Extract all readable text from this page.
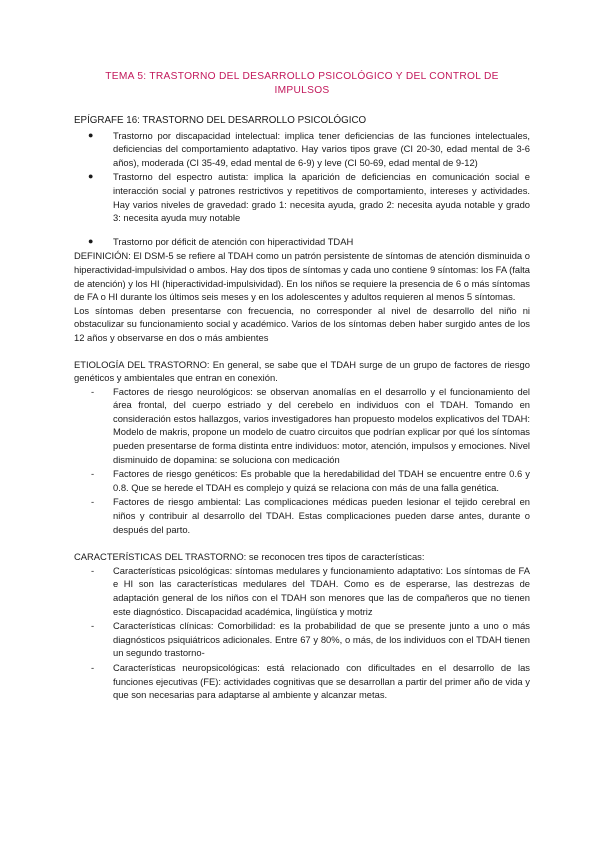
TEMA 5: TRASTORNO DEL DESARROLLO PSICOLÓGICO Y DEL CONTROL DE IMPULSOS
EPÍGRAFE 16: TRASTORNO DEL DESARROLLO PSICOLÓGICO
● Trastorno por discapacidad intelectual: implica tener deficiencias de las funciones intelectuales, deficiencias del comportamiento adaptativo. Hay varios tipos grave (CI 20-30, edad mental de 3-6 años), moderada (CI 35-49, edad mental de 6-9) y leve (CI 50-69, edad mental de 9-12)
● Trastorno del espectro autista: implica la aparición de deficiencias en comunicación social e interacción social y patrones restrictivos y repetitivos de comportamiento, intereses y actividades. Hay varios niveles de gravedad: grado 1: necesita ayuda, grado 2: necesita ayuda notable y grado 3: necesita ayuda muy notable
● Trastorno por déficit de atención con hiperactividad TDAH

DEFINICIÓN: El DSM-5 se refiere al TDAH como un patrón persistente de síntomas de atención disminuida o hiperactividad-impulsividad o ambos. Hay dos tipos de síntomas y cada uno contiene 9 síntomas: los FA (falta de atención) y los HI (hiperactividad-impulsividad). En los niños se requiere la presencia de 6 o más síntomas de FA o HI durante los últimos seis meses y en los adolescentes y adultos requieren al menos 5 síntomas.

Los síntomas deben presentarse con frecuencia, no corresponder al nivel de desarrollo del niño ni obstaculizar su funcionamiento social y académico. Varios de los síntomas deben haber surgido antes de los 12 años y observarse en dos o más ambientes

ETIOLOGÍA DEL TRASTORNO: En general, se sabe que el TDAH surge de un grupo de factores de riesgo genéticos y ambientales que entran en conexión.

- Factores de riesgo neurológicos: se observan anomalías en el desarrollo y el funcionamiento del área frontal, del cuerpo estriado y del cerebelo en individuos con el TDAH. Tomando en consideración estos hallazgos, varios investigadores han propuesto modelos explicativos del TDAH: Modelo de makris, propone un modelo de cuatro circuitos que podrían explicar por qué los síntomas pueden presentarse de forma distinta entre individuos: motor, atención, impulsos y emociones. Nivel disminuido de dopamina: se soluciona con medicación
- Factores de riesgo genéticos: Es probable que la heredabilidad del TDAH se encuentre entre 0.6 y 0.8. Que se herede el TDAH es complejo y quizá se relaciona con más de una falla genética.
- Factores de riesgo ambiental: Las complicaciones médicas pueden lesionar el tejido cerebral en niños y contribuir al desarrollo del TDAH. Estas complicaciones pueden darse antes, durante o después del parto.

CARACTERÍSTICAS DEL TRASTORNO: se reconocen tres tipos de características:

- Características psicológicas: síntomas medulares y funcionamiento adaptativo: Los síntomas de FA e HI son las características medulares del TDAH. Como es de esperarse, las destrezas de adaptación general de los niños con el TDAH son menores que las de compañeros que no tienen este diagnóstico. Discapacidad académica, lingüística y motriz
- Características clínicas: Comorbilidad: es la probabilidad de que se presente junto a uno o más diagnósticos psiquiátricos adicionales. Entre 67 y 80%, o más, de los individuos con el TDAH tienen un segundo trastorno-
- Características neuropsicológicas: está relacionado con dificultades en el desarrollo de las funciones ejecutivas (FE): actividades cognitivas que se desarrollan a partir del primer año de vida y que son necesarias para adaptarse al ambiente y alcanzar metas.
